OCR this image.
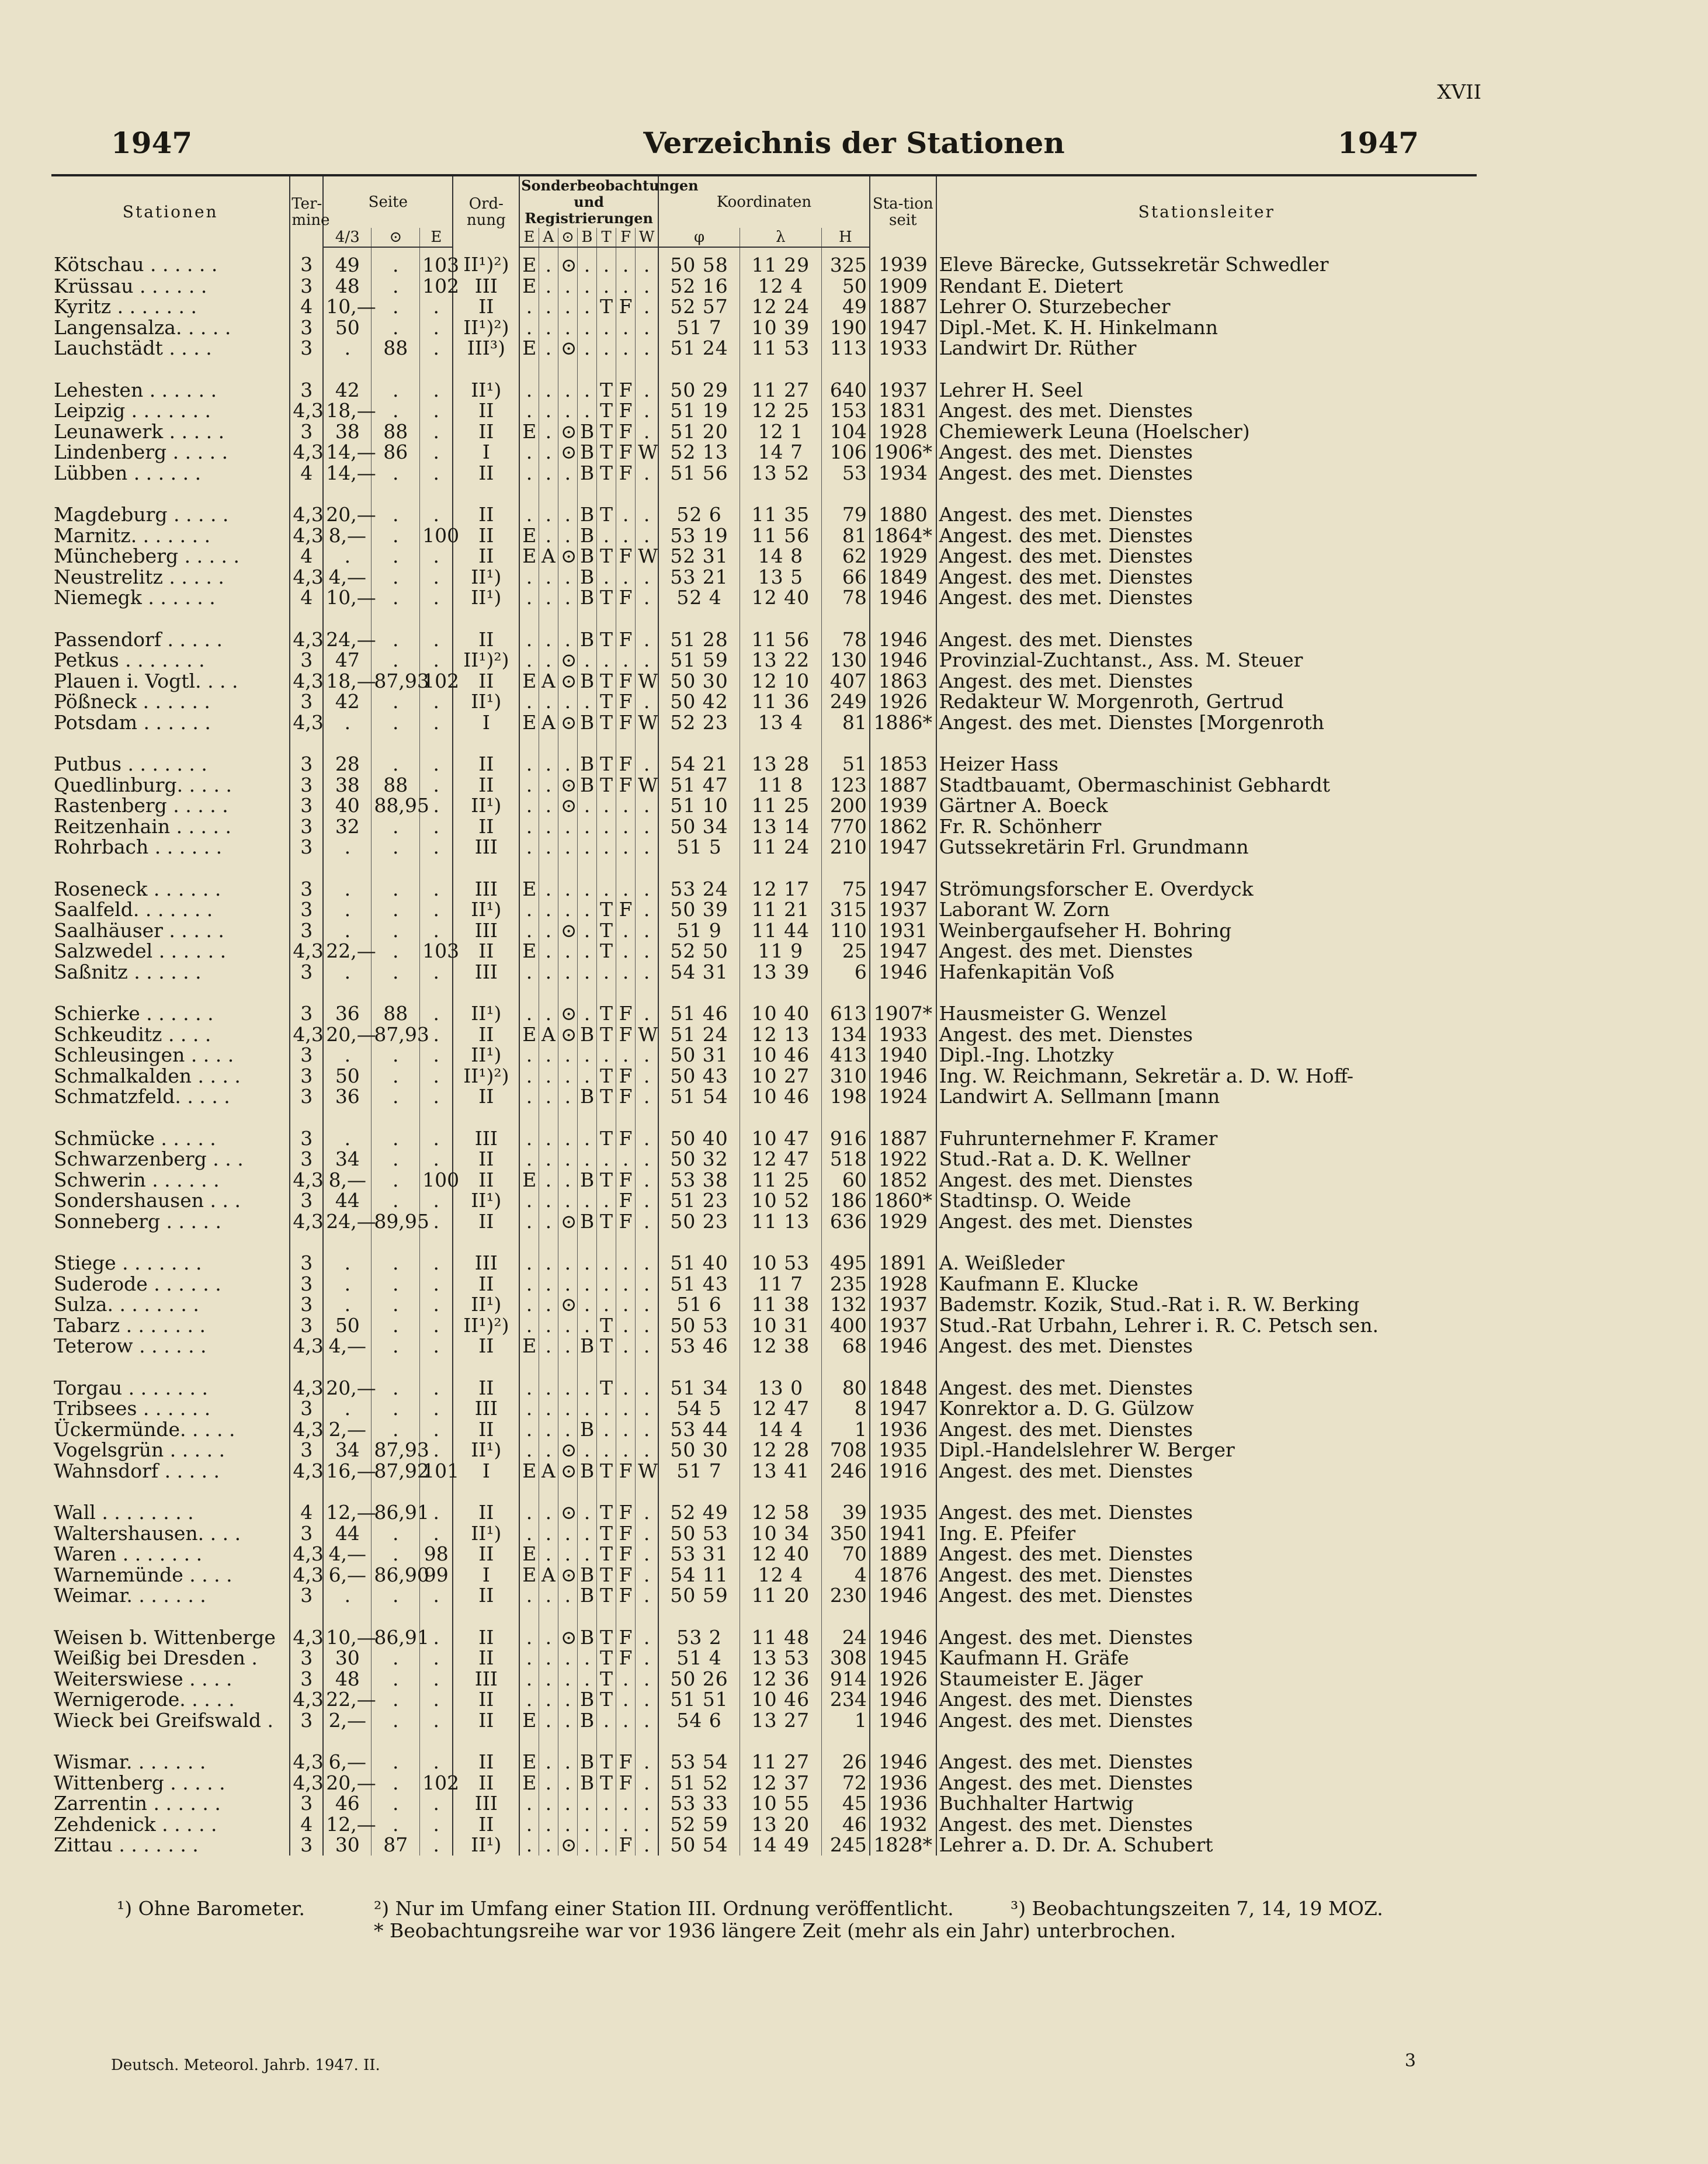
XVII
1947	Verzeichnis der Stationen	1947
Stationen	Ter-mine	Seite			Ord-nung	Sonderbeobachtungen und Registrierungen							Koordinaten			Sta-tion seit	Stationsleiter
		4/3	⊙	E		E	A	⊙	B	T	F	W	φ	λ	H		
Kötschau . . . . . .	3	49	.	103	II¹)²)	E	.	⊙	.	.	.	.	50 58	11 29	325	1939	Eleve Bärecke, Gutssekretär Schwedler
Krüssau . . . . . .	3	48	.	102	III	E	.	.	.	.	.	.	52 16	12 4	50	1909	Rendant E. Dietert
Kyritz . . . . . . .	4	10,—	.	.	II	.	.	.	.	T	F	.	52 57	12 24	49	1887	Lehrer O. Sturzebecher
Langensalza. . . . .	3	50	.	.	II¹)²)	.	.	.	.	.	.	.	51 7	10 39	190	1947	Dipl.-Met. K. H. Hinkelmann
Lauchstädt . . . .	3	.	88	.	III³)	E	.	⊙	.	.	.	.	51 24	11 53	113	1933	Landwirt Dr. Rüther

Lehesten . . . . . .	3	42	.	.	II¹)	.	.	.	.	T	F	.	50 29	11 27	640	1937	Lehrer H. Seel
Leipzig . . . . . . .	4,3	18,—	.	.	II	.	.	.	.	T	F	.	51 19	12 25	153	1831	Angest. des met. Dienstes
Leunawerk . . . . .	3	38	88	.	II	E	.	⊙	B	T	F	.	51 20	12 1	104	1928	Chemiewerk Leuna (Hoelscher)
Lindenberg . . . . .	4,3	14,—	86	.	I	.	.	⊙	B	T	F	W	52 13	14 7	106	1906*	Angest. des met. Dienstes
Lübben . . . . . .	4	14,—	.	.	II	.	.	.	B	T	F	.	51 56	13 52	53	1934	Angest. des met. Dienstes

Magdeburg . . . . .	4,3	20,—	.	.	II	.	.	.	B	T	.	.	52 6	11 35	79	1880	Angest. des met. Dienstes
Marnitz. . . . . . .	4,3	8,—	.	100	II	E	.	.	B	.	.	.	53 19	11 56	81	1864*	Angest. des met. Dienstes
Müncheberg . . . . .	4	.	.	.	II	E	A	⊙	B	T	F	W	52 31	14 8	62	1929	Angest. des met. Dienstes
Neustrelitz . . . . .	4,3	4,—	.	.	II¹)	.	.	.	B	.	.	.	53 21	13 5	66	1849	Angest. des met. Dienstes
Niemegk . . . . . .	4	10,—	.	.	II¹)	.	.	.	B	T	F	.	52 4	12 40	78	1946	Angest. des met. Dienstes

Passendorf . . . . .	4,3	24,—	.	.	II	.	.	.	B	T	F	.	51 28	11 56	78	1946	Angest. des met. Dienstes
Petkus . . . . . . .	3	47	.	.	II¹)²)	.	.	⊙	.	.	.	.	51 59	13 22	130	1946	Provinzial-Zuchtanst., Ass. M. Steuer
Plauen i. Vogtl. . . .	4,3	18,—	87,93	102	II	E	A	⊙	B	T	F	W	50 30	12 10	407	1863	Angest. des met. Dienstes
Pößneck . . . . . .	3	42	.	.	II¹)	.	.	.	.	T	F	.	50 42	11 36	249	1926	Redakteur W. Morgenroth, Gertrud
Potsdam . . . . . .	4,3	.	.	.	I	E	A	⊙	B	T	F	W	52 23	13 4	81	1886*	Angest. des met. Dienstes [Morgenroth

Putbus . . . . . . .	3	28	.	.	II	.	.	.	B	T	F	.	54 21	13 28	51	1853	Heizer Hass
Quedlinburg. . . . .	3	38	88	.	II	.	.	⊙	B	T	F	W	51 47	11 8	123	1887	Stadtbauamt, Obermaschinist Gebhardt
Rastenberg . . . . .	3	40	88,95	.	II¹)	.	.	⊙	.	.	.	.	51 10	11 25	200	1939	Gärtner A. Boeck
Reitzenhain . . . . .	3	32	.	.	II	.	.	.	.	.	.	.	50 34	13 14	770	1862	Fr. R. Schönherr
Rohrbach . . . . . .	3	.	.	.	III	.	.	.	.	.	.	.	51 5	11 24	210	1947	Gutssekretärin Frl. Grundmann

Roseneck . . . . . .	3	.	.	.	III	E	.	.	.	.	.	.	53 24	12 17	75	1947	Strömungsforscher E. Overdyck
Saalfeld. . . . . . .	3	.	.	.	II¹)	.	.	.	.	T	F	.	50 39	11 21	315	1937	Laborant W. Zorn
Saalhäuser . . . . .	3	.	.	.	III	.	.	⊙	.	T	.	.	51 9	11 44	110	1931	Weinbergaufseher H. Bohring
Salzwedel . . . . . .	4,3	22,—	.	103	II	E	.	.	.	T	.	.	52 50	11 9	25	1947	Angest. des met. Dienstes
Saßnitz . . . . . .	3	.	.	.	III	.	.	.	.	.	.	.	54 31	13 39	6	1946	Hafenkapitän Voß

Schierke . . . . . .	3	36	88	.	II¹)	.	.	⊙	.	T	F	.	51 46	10 40	613	1907*	Hausmeister G. Wenzel
Schkeuditz . . . .	4,3	20,—	87,93	.	II	E	A	⊙	B	T	F	W	51 24	12 13	134	1933	Angest. des met. Dienstes
Schleusingen . . . .	3	.	.	.	II¹)	.	.	.	.	.	.	.	50 31	10 46	413	1940	Dipl.-Ing. Lhotzky
Schmalkalden . . . .	3	50	.	.	II¹)²)	.	.	.	.	T	F	.	50 43	10 27	310	1946	Ing. W. Reichmann, Sekretär a. D. W. Hoff-
Schmatzfeld. . . . .	3	36	.	.	II	.	.	.	B	T	F	.	51 54	10 46	198	1924	Landwirt A. Sellmann [mann

Schmücke . . . . .	3	.	.	.	III	.	.	.	.	T	F	.	50 40	10 47	916	1887	Fuhrunternehmer F. Kramer
Schwarzenberg . . .	3	34	.	.	II	.	.	.	.	.	.	.	50 32	12 47	518	1922	Stud.-Rat a. D. K. Wellner
Schwerin . . . . . .	4,3	8,—	.	100	II	E	.	.	B	T	F	.	53 38	11 25	60	1852	Angest. des met. Dienstes
Sondershausen . . .	3	44	.	.	II¹)	.	.	.	.	.	F	.	51 23	10 52	186	1860*	Stadtinsp. O. Weide
Sonneberg . . . . .	4,3	24,—	89,95	.	II	.	.	⊙	B	T	F	.	50 23	11 13	636	1929	Angest. des met. Dienstes

Stiege . . . . . . .	3	.	.	.	III	.	.	.	.	.	.	.	51 40	10 53	495	1891	A. Weißleder
Suderode . . . . . .	3	.	.	.	II	.	.	.	.	.	.	.	51 43	11 7	235	1928	Kaufmann E. Klucke
Sulza. . . . . . . .	3	.	.	.	II¹)	.	.	⊙	.	.	.	.	51 6	11 38	132	1937	Bademstr. Kozik, Stud.-Rat i. R. W. Berking
Tabarz . . . . . . .	3	50	.	.	II¹)²)	.	.	.	.	T	.	.	50 53	10 31	400	1937	Stud.-Rat Urbahn, Lehrer i. R. C. Petsch sen.
Teterow . . . . . .	4,3	4,—	.	.	II	E	.	.	B	T	.	.	53 46	12 38	68	1946	Angest. des met. Dienstes

Torgau . . . . . . .	4,3	20,—	.	.	II	.	.	.	.	T	.	.	51 34	13 0	80	1848	Angest. des met. Dienstes
Tribsees . . . . . .	3	.	.	.	III	.	.	.	.	.	.	.	54 5	12 47	8	1947	Konrektor a. D. G. Gülzow
Ückermünde. . . . .	4,3	2,—	.	.	II	.	.	.	B	.	.	.	53 44	14 4	1	1936	Angest. des met. Dienstes
Vogelsgrün . . . . .	3	34	87,93	.	II¹)	.	.	⊙	.	.	.	.	50 30	12 28	708	1935	Dipl.-Handelslehrer W. Berger
Wahnsdorf . . . . .	4,3	16,—	87,92	101	I	E	A	⊙	B	T	F	W	51 7	13 41	246	1916	Angest. des met. Dienstes

Wall . . . . . . . .	4	12,—	86,91	.	II	.	.	⊙	.	T	F	.	52 49	12 58	39	1935	Angest. des met. Dienstes
Waltershausen. . . .	3	44	.	.	II¹)	.	.	.	.	T	F	.	50 53	10 34	350	1941	Ing. E. Pfeifer
Waren . . . . . . .	4,3	4,—	.	98	II	E	.	.	.	T	F	.	53 31	12 40	70	1889	Angest. des met. Dienstes
Warnemünde . . . .	4,3	6,—	86,90	99	I	E	A	⊙	B	T	F	.	54 11	12 4	4	1876	Angest. des met. Dienstes
Weimar. . . . . . .	3	.	.	.	II	.	.	.	B	T	F	.	50 59	11 20	230	1946	Angest. des met. Dienstes

Weisen b. Wittenberge	4,3	10,—	86,91	.	II	.	.	⊙	B	T	F	.	53 2	11 48	24	1946	Angest. des met. Dienstes
Weißig bei Dresden .	3	30	.	.	II	.	.	.	.	T	F	.	51 4	13 53	308	1945	Kaufmann H. Gräfe
Weiterswiese . . . .	3	48	.	.	III	.	.	.	.	T	.	.	50 26	12 36	914	1926	Staumeister E. Jäger
Wernigerode. . . . .	4,3	22,—	.	.	II	.	.	.	B	T	.	.	51 51	10 46	234	1946	Angest. des met. Dienstes
Wieck bei Greifswald .	3	2,—	.	.	II	E	.	.	B	.	.	.	54 6	13 27	1	1946	Angest. des met. Dienstes

Wismar. . . . . . .	4,3	6,—	.	.	II	E	.	.	B	T	F	.	53 54	11 27	26	1946	Angest. des met. Dienstes
Wittenberg . . . . .	4,3	20,—	.	102	II	E	.	.	B	T	F	.	51 52	12 37	72	1936	Angest. des met. Dienstes
Zarrentin . . . . . .	3	46	.	.	III	.	.	.	.	.	.	.	53 33	10 55	45	1936	Buchhalter Hartwig
Zehdenick . . . . .	4	12,—	.	.	II	.	.	.	.	.	.	.	52 59	13 20	46	1932	Angest. des met. Dienstes
Zittau . . . . . . .	3	30	87	.	II¹)	.	.	⊙	.	.	F	.	50 54	14 49	245	1828*	Lehrer a. D. Dr. A. Schubert
¹) Ohne Barometer.	²) Nur im Umfang einer Station III. Ordnung veröffentlicht.	³) Beobachtungszeiten 7, 14, 19 MOZ.
* Beobachtungsreihe war vor 1936 längere Zeit (mehr als ein Jahr) unterbrochen.
Deutsch. Meteorol. Jahrb. 1947. II.	3
